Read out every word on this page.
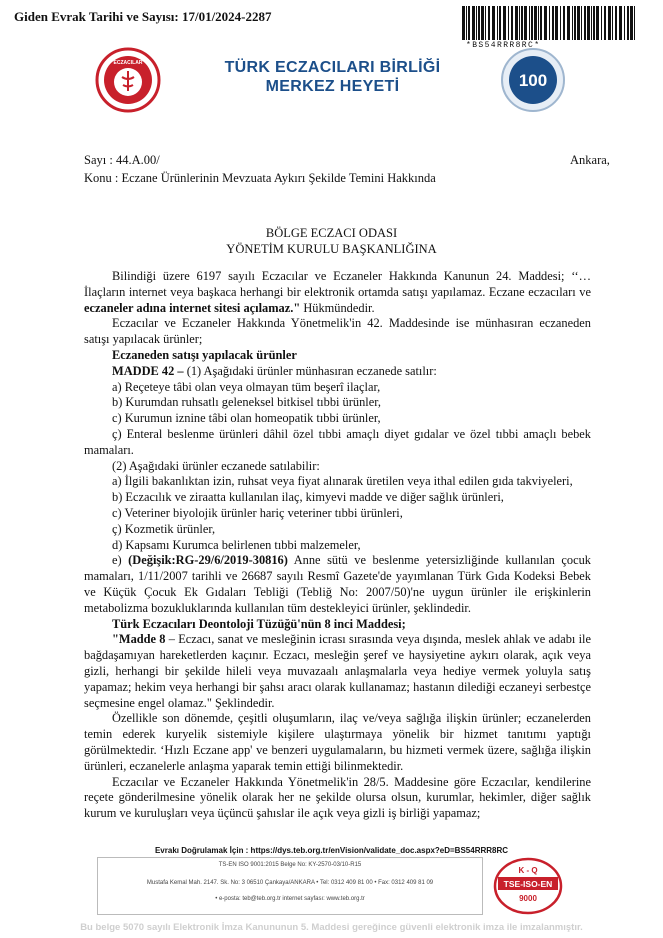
Giden Evrak Tarihi ve Sayısı: 17/01/2024-2287
*BS54RRR8RC*
ECZACILAR	TÜRK ECZACILARI BİRLİĞİ
MERKEZ HEYETİ	100
Sayı : 44.A.00/
Konu : Eczane Ürünlerinin Mevzuata Aykırı Şekilde Temini Hakkında
Ankara,
BÖLGE ECZACI ODASI
YÖNETİM KURULU BAŞKANLIĞINA

Bilindiği üzere 6197 sayılı Eczacılar ve Eczaneler Hakkında Kanunun 24. Maddesi; ‘‘…İlaçların internet veya başkaca herhangi bir elektronik ortamda satışı yapılamaz. Eczane eczacıları ve eczaneler adına internet sitesi açılamaz." Hükmündedir.

Eczacılar ve Eczaneler Hakkında Yönetmelik'in 42. Maddesinde ise münhasıran eczaneden satışı yapılacak ürünler;

Eczaneden satışı yapılacak ürünler

MADDE 42 – (1) Aşağıdaki ürünler münhasıran eczanede satılır:

a) Reçeteye tâbi olan veya olmayan tüm beşerî ilaçlar,

b) Kurumdan ruhsatlı geleneksel bitkisel tıbbi ürünler,

c) Kurumun iznine tâbi olan homeopatik tıbbi ürünler,

ç) Enteral beslenme ürünleri dâhil özel tıbbi amaçlı diyet gıdalar ve özel tıbbi amaçlı bebek mamaları.

(2) Aşağıdaki ürünler eczanede satılabilir:

a) İlgili bakanlıktan izin, ruhsat veya fiyat alınarak üretilen veya ithal edilen gıda takviyeleri,

b) Eczacılık ve ziraatta kullanılan ilaç, kimyevi madde ve diğer sağlık ürünleri,

c) Veteriner biyolojik ürünler hariç veteriner tıbbi ürünleri,

ç) Kozmetik ürünler,

d) Kapsamı Kurumca belirlenen tıbbi malzemeler,

e) (Değişik:RG-29/6/2019-30816) Anne sütü ve beslenme yetersizliğinde kullanılan çocuk mamaları, 1/11/2007 tarihli ve 26687 sayılı Resmî Gazete'de yayımlanan Türk Gıda Kodeksi Bebek ve Küçük Çocuk Ek Gıdaları Tebliği (Tebliğ No: 2007/50)'ne uygun ürünler ile erişkinlerin metabolizma bozukluklarında kullanılan tüm destekleyici ürünler, şeklindedir.

Türk Eczacıları Deontoloji Tüzüğü'nün 8 inci Maddesi;

"Madde 8 – Eczacı, sanat ve mesleğinin icrası sırasında veya dışında, meslek ahlak ve adabı ile bağdaşamıyan hareketlerden kaçınır. Eczacı, mesleğin şeref ve haysiyetine aykırı olarak, açık veya gizli, herhangi bir şekilde hileli veya muvazaalı anlaşmalarla veya hediye vermek yoluyla satış yapamaz; hekim veya herhangi bir şahsı aracı olarak kullanamaz; hastanın dilediği eczaneyi serbestçe seçmesine engel olamaz." Şeklindedir.

Özellikle son dönemde, çeşitli oluşumların, ilaç ve/veya sağlığa ilişkin ürünler; eczanelerden temin ederek kuryelik sistemiyle kişilere ulaştırmaya yönelik bir hizmet tanıtımı yaptığı görülmektedir. ‘Hızlı Eczane app' ve benzeri uygulamaların, bu hizmeti vermek üzere, sağlığa ilişkin ürünleri, eczanelerle anlaşma yaparak temin ettiği bilinmektedir.

Eczacılar ve Eczaneler Hakkında Yönetmelik'in 28/5. Maddesine göre Eczacılar, kendilerine reçete gönderilmesine yönelik olarak her ne şekilde olursa olsun, kurumlar, hekimler, diğer sağlık kurum ve kuruluşları veya üçüncü şahıslar ile açık veya gizli iş birliği yapamaz;

Evrakı Doğrulamak İçin : https://dys.teb.org.tr/enVision/validate_doc.aspx?eD=BS54RRR8RC
TS-EN ISO 9001:2015 Belge No: KY-2570-03/10-R15
Mustafa Kemal Mah. 2147. Sk. No: 3 06510 Çankaya/ANKARA • Tel: 0312 409 81 00 • Fax: 0312 409 81 09
• e-posta: teb@teb.org.tr internet sayfası: www.teb.org.tr
K - Q
TSE-ISO-EN
9000
Bu belge 5070 sayılı Elektronik İmza Kanununun 5. Maddesi gereğince güvenli elektronik imza ile imzalanmıştır.
